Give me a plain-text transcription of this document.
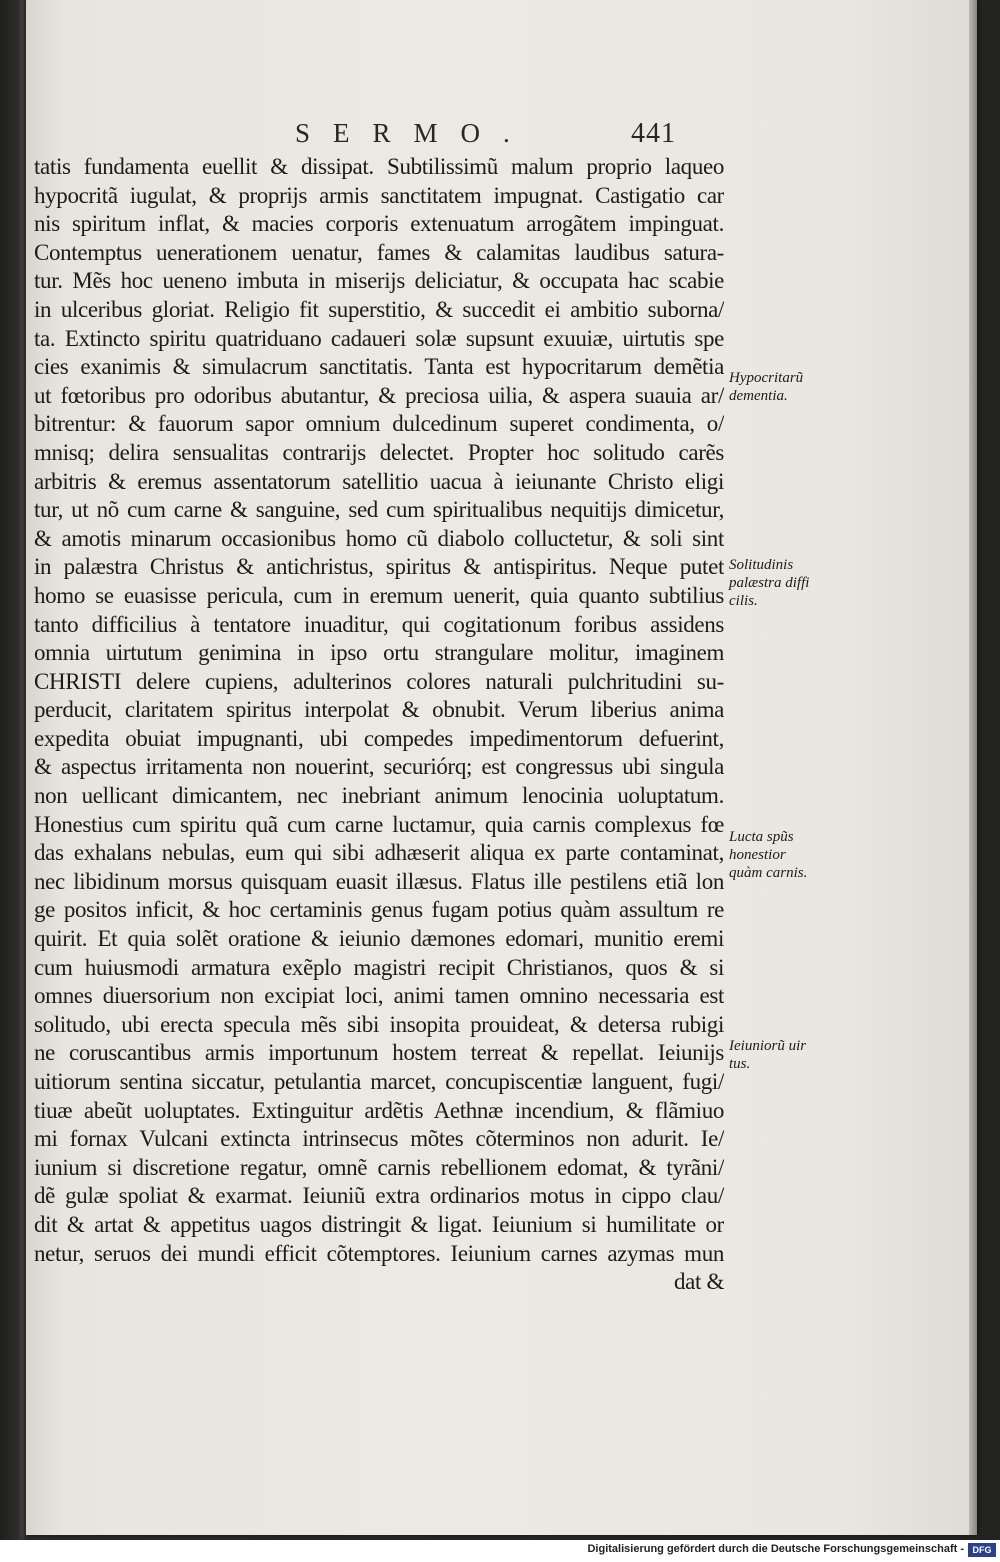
SERMO.	441
tatis fundamenta euellit & dissipat. Subtilissimũ malum proprio laqueo
hypocritã iugulat, & proprijs armis sanctitatem impugnat. Castigatio car
nis spiritum inflat, & macies corporis extenuatum arrogãtem impinguat.
Contemptus uenerationem uenatur, fames & calamitas laudibus satura-
tur. Mẽs hoc ueneno imbuta in miserijs deliciatur, & occupata hac scabie
in ulceribus gloriat. Religio fit superstitio, & succedit ei ambitio suborna/
ta. Extincto spiritu quatriduano cadaueri solæ supsunt exuuiæ, uirtutis spe
cies exanimis & simulacrum sanctitatis. Tanta est hypocritarum demẽtia
ut fœtoribus pro odoribus abutantur, & preciosa uilia, & aspera suauia ar/
bitrentur: & fauorum sapor omnium dulcedinum superet condimenta, o/
mnisq; delira sensualitas contrarijs delectet. Propter hoc solitudo carẽs
arbitris & eremus assentatorum satellitio uacua à ieiunante Christo eligi
tur, ut nõ cum carne & sanguine, sed cum spiritualibus nequitijs dimicetur,
& amotis minarum occasionibus homo cũ diabolo colluctetur, & soli sint
in palæstra Christus & antichristus, spiritus & antispiritus. Neque putet
homo se euasisse pericula, cum in eremum uenerit, quia quanto subtilius
tanto difficilius à tentatore inuaditur, qui cogitationum foribus assidens
omnia uirtutum genimina in ipso ortu strangulare molitur, imaginem
CHRISTI delere cupiens, adulterinos colores naturali pulchritudini su-
perducit, claritatem spiritus interpolat & obnubit. Verum liberius anima
expedita obuiat impugnanti, ubi compedes impedimentorum defuerint,
& aspectus irritamenta non nouerint, securiórq; est congressus ubi singula
non uellicant dimicantem, nec inebriant animum lenocinia uoluptatum.
Honestius cum spiritu quã cum carne luctamur, quia carnis complexus fœ
das exhalans nebulas, eum qui sibi adhæserit aliqua ex parte contaminat,
nec libidinum morsus quisquam euasit illæsus. Flatus ille pestilens etiã lon
ge positos inficit, & hoc certaminis genus fugam potius quàm assultum re
quirit. Et quia solẽt oratione & ieiunio dæmones edomari, munitio eremi
cum huiusmodi armatura exẽplo magistri recipit Christianos, quos & si
omnes diuersorium non excipiat loci, animi tamen omnino necessaria est
solitudo, ubi erecta specula mẽs sibi insopita prouideat, & detersa rubigi
ne coruscantibus armis importunum hostem terreat & repellat. Ieiunijs
uitiorum sentina siccatur, petulantia marcet, concupiscentiæ languent, fugi/
tiuæ abeũt uoluptates. Extinguitur ardẽtis Aethnæ incendium, & flãmiuo
mi fornax Vulcani extincta intrinsecus mõtes cõterminos non adurit. Ie/
iunium si discretione regatur, omnẽ carnis rebellionem edomat, & tyrãni/
dẽ gulæ spoliat & exarmat. Ieiuniũ extra ordinarios motus in cippo clau/
dit & artat & appetitus uagos distringit & ligat. Ieiunium si humilitate or
netur, seruos dei mundi efficit cõtemptores. Ieiunium carnes azymas mun
dat &
Hypocritarũ
dementia.
Solitudinis
palæstra diffi
cilis.
Lucta spũs
honestior
quàm carnis.
Ieiuniorũ uir
tus.
Digitalisierung gefördert durch die Deutsche Forschungsgemeinschaft - DFG
